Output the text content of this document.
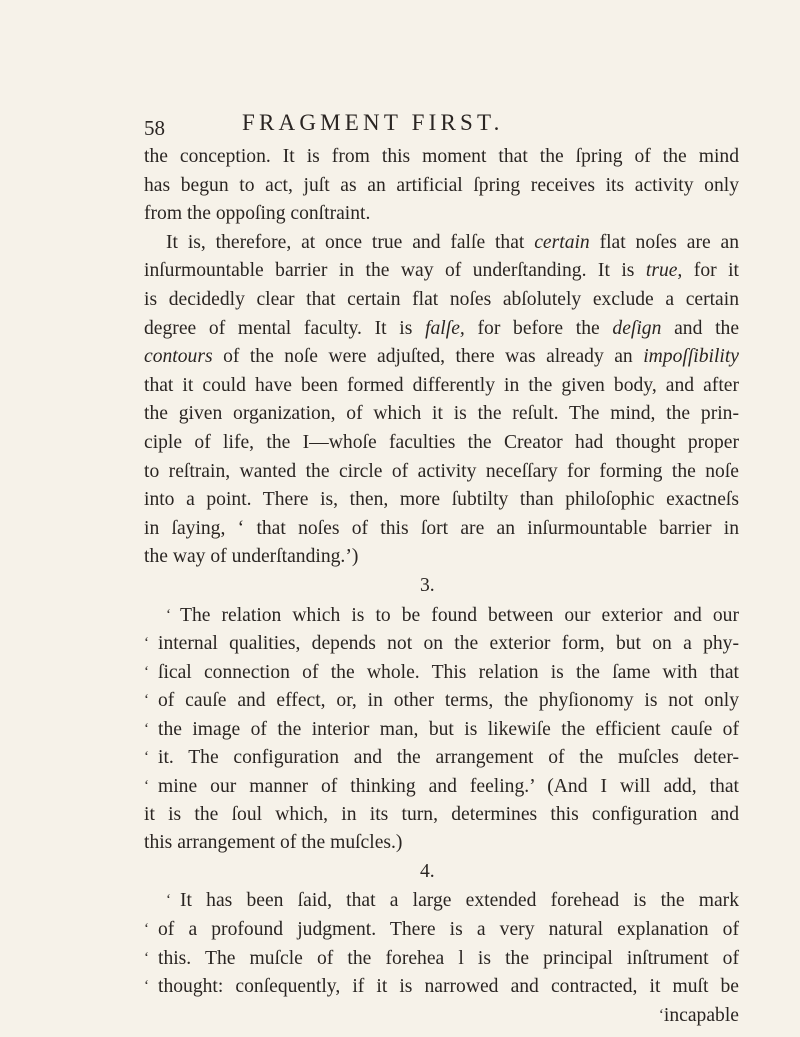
58	FRAGMENT FIRST.
the conception. It is from this moment that the ſpring of the mind
has begun to act, juſt as an artificial ſpring receives its activity only
from the oppoſing conſtraint.
It is, therefore, at once true and falſe that certain flat noſes are an
inſurmountable barrier in the way of underſtanding. It is true, for it
is decidedly clear that certain flat noſes abſolutely exclude a certain
degree of mental faculty. It is falſe, for before the deſign and the
contours of the noſe were adjuſted, there was already an impoſſibility
that it could have been formed differently in the given body, and after
the given organization, of which it is the reſult. The mind, the prin-
ciple of life, the I—whoſe faculties the Creator had thought proper
to reſtrain, wanted the circle of activity neceſſary for forming the noſe
into a point. There is, then, more ſubtilty than philoſophic exactneſs
in ſaying, ‘ that noſes of this ſort are an inſurmountable barrier in
the way of underſtanding.’)
3.
‘ The relation which is to be found between our exterior and our
‘ internal qualities, depends not on the exterior form, but on a phy-
‘ ſical connection of the whole. This relation is the ſame with that
‘ of cauſe and effect, or, in other terms, the phyſionomy is not only
‘ the image of the interior man, but is likewiſe the efficient cauſe of
‘ it. The configuration and the arrangement of the muſcles deter-
‘ mine our manner of thinking and feeling.’ (And I will add, that
it is the ſoul which, in its turn, determines this configuration and
this arrangement of the muſcles.)
4.
‘ It has been ſaid, that a large extended forehead is the mark
‘ of a profound judgment. There is a very natural explanation of
‘ this. The muſcle of the forehea l is the principal inſtrument of
‘ thought: conſequently, if it is narrowed and contracted, it muſt be
‘incapable
